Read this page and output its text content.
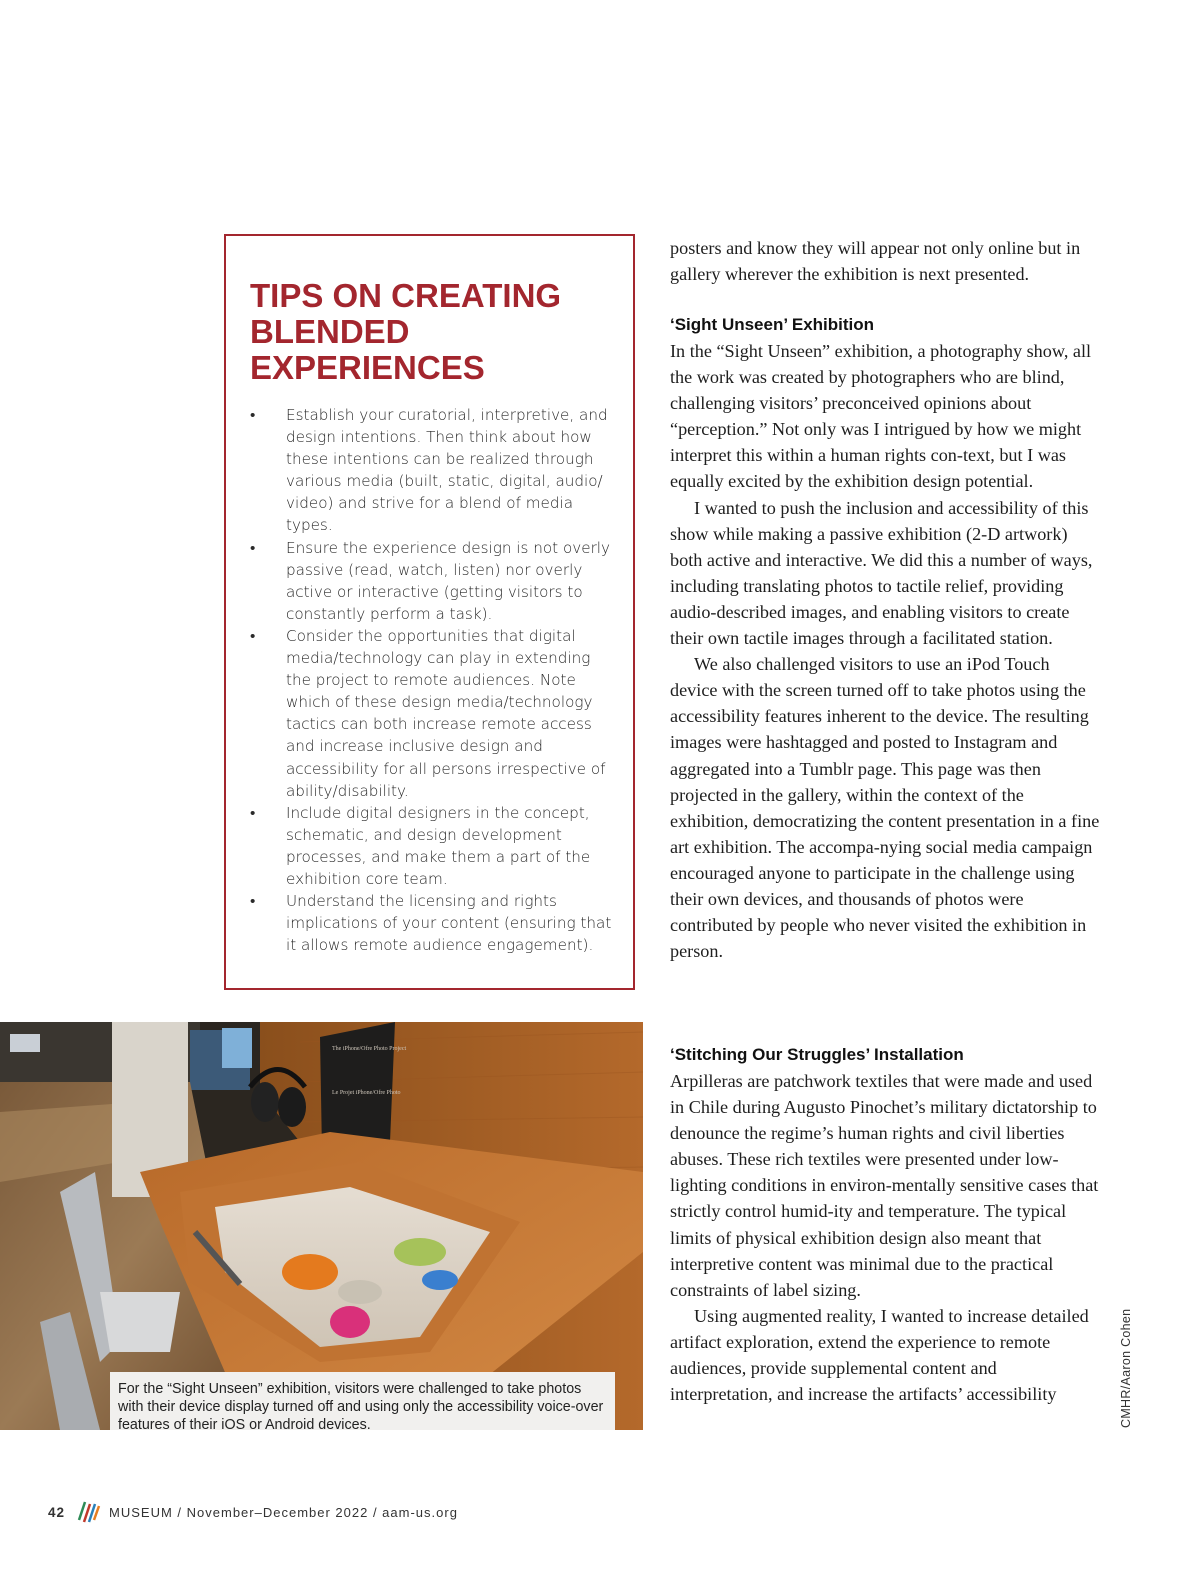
TIPS ON CREATING BLENDED EXPERIENCES
• Establish your curatorial, interpretive, and design intentions. Then think about how these intentions can be realized through various media (built, static, digital, audio/ video) and strive for a blend of media types.
• Ensure the experience design is not overly passive (read, watch, listen) nor overly active or interactive (getting visitors to constantly perform a task).
• Consider the opportunities that digital media/technology can play in extending the project to remote audiences. Note which of these design media/technology tactics can both increase remote access and increase inclusive design and accessibility for all persons irrespective of ability/disability.
• Include digital designers in the concept, schematic, and design development processes, and make them a part of the exhibition core team.
• Understand the licensing and rights implications of your content (ensuring that it allows remote audience engagement).
The iPhone/Ofre Photo Project
Le Projet iPhone/Ofre Photo
For the “Sight Unseen” exhibition, visitors were challenged to take photos with their device display turned off and using only the accessibility voice-over features of their iOS or Android devices.

posters and know they will appear not only online but in gallery wherever the exhibition is next presented.

‘Sight Unseen’ Exhibition

In the “Sight Unseen” exhibition, a photography show, all the work was created by photographers who are blind, challenging visitors’ preconceived opinions about “perception.” Not only was I intrigued by how we might interpret this within a human rights con-text, but I was equally excited by the exhibition design potential.

I wanted to push the inclusion and accessibility of this show while making a passive exhibition (2-D artwork) both active and interactive. We did this a number of ways, including translating photos to tactile relief, providing audio-described images, and enabling visitors to create their own tactile images through a facilitated station.

We also challenged visitors to use an iPod Touch device with the screen turned off to take photos using the accessibility features inherent to the device. The resulting images were hashtagged and posted to Instagram and aggregated into a Tumblr page. This page was then projected in the gallery, within the context of the exhibition, democratizing the content presentation in a fine art exhibition. The accompa-nying social media campaign encouraged anyone to participate in the challenge using their own devices, and thousands of photos were contributed by people who never visited the exhibition in person.

‘Stitching Our Struggles’ Installation

Arpilleras are patchwork textiles that were made and used in Chile during Augusto Pinochet’s military dictatorship to denounce the regime’s human rights and civil liberties abuses. These rich textiles were presented under low-lighting conditions in environ-mentally sensitive cases that strictly control humid-ity and temperature. The typical limits of physical exhibition design also meant that interpretive content was minimal due to the practical constraints of label sizing.

Using augmented reality, I wanted to increase detailed artifact exploration, extend the experience to remote audiences, provide supplemental content and interpretation, and increase the artifacts’ accessibility	CMHR/Aaron Cohen
42	MUSEUM / November–December 2022 / aam-us.org
